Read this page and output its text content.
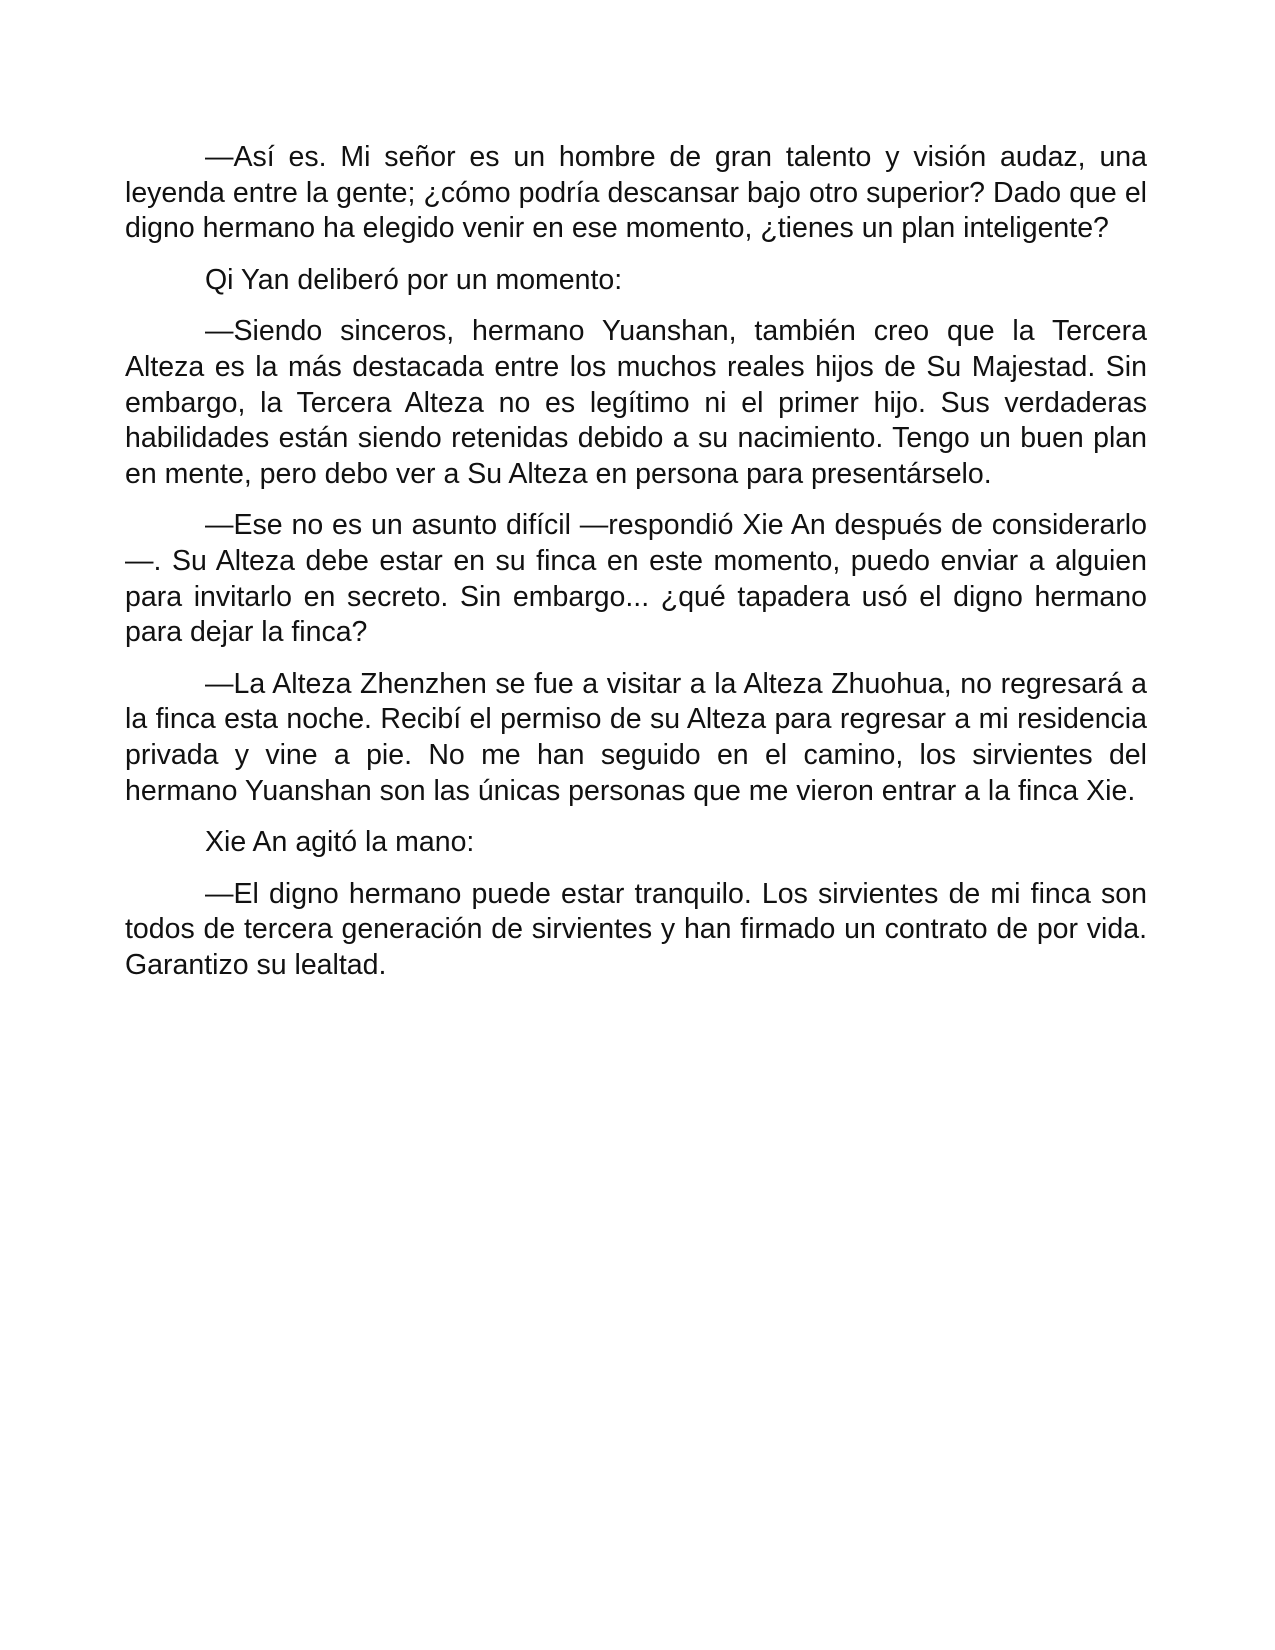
—Así es. Mi señor es un hombre de gran talento y visión audaz, una leyenda entre la gente; ¿cómo podría descansar bajo otro superior? Dado que el digno hermano ha elegido venir en ese momento, ¿tienes un plan inteligente?

Qi Yan deliberó por un momento:

—Siendo sinceros, hermano Yuanshan, también creo que la Tercera Alteza es la más destacada entre los muchos reales hijos de Su Majestad. Sin embargo, la Tercera Alteza no es legítimo ni el primer hijo. Sus verdaderas habilidades están siendo retenidas debido a su nacimiento. Tengo un buen plan en mente, pero debo ver a Su Alteza en persona para presentárselo.

—Ese no es un asunto difícil —respondió Xie An después de considerarlo—. Su Alteza debe estar en su finca en este momento, puedo enviar a alguien para invitarlo en secreto. Sin embargo... ¿qué tapadera usó el digno hermano para dejar la finca?

—La Alteza Zhenzhen se fue a visitar a la Alteza Zhuohua, no regresará a la finca esta noche. Recibí el permiso de su Alteza para regresar a mi residencia privada y vine a pie. No me han seguido en el camino, los sirvientes del hermano Yuanshan son las únicas personas que me vieron entrar a la finca Xie.

Xie An agitó la mano:

—El digno hermano puede estar tranquilo. Los sirvientes de mi finca son todos de tercera generación de sirvientes y han firmado un contrato de por vida. Garantizo su lealtad.
